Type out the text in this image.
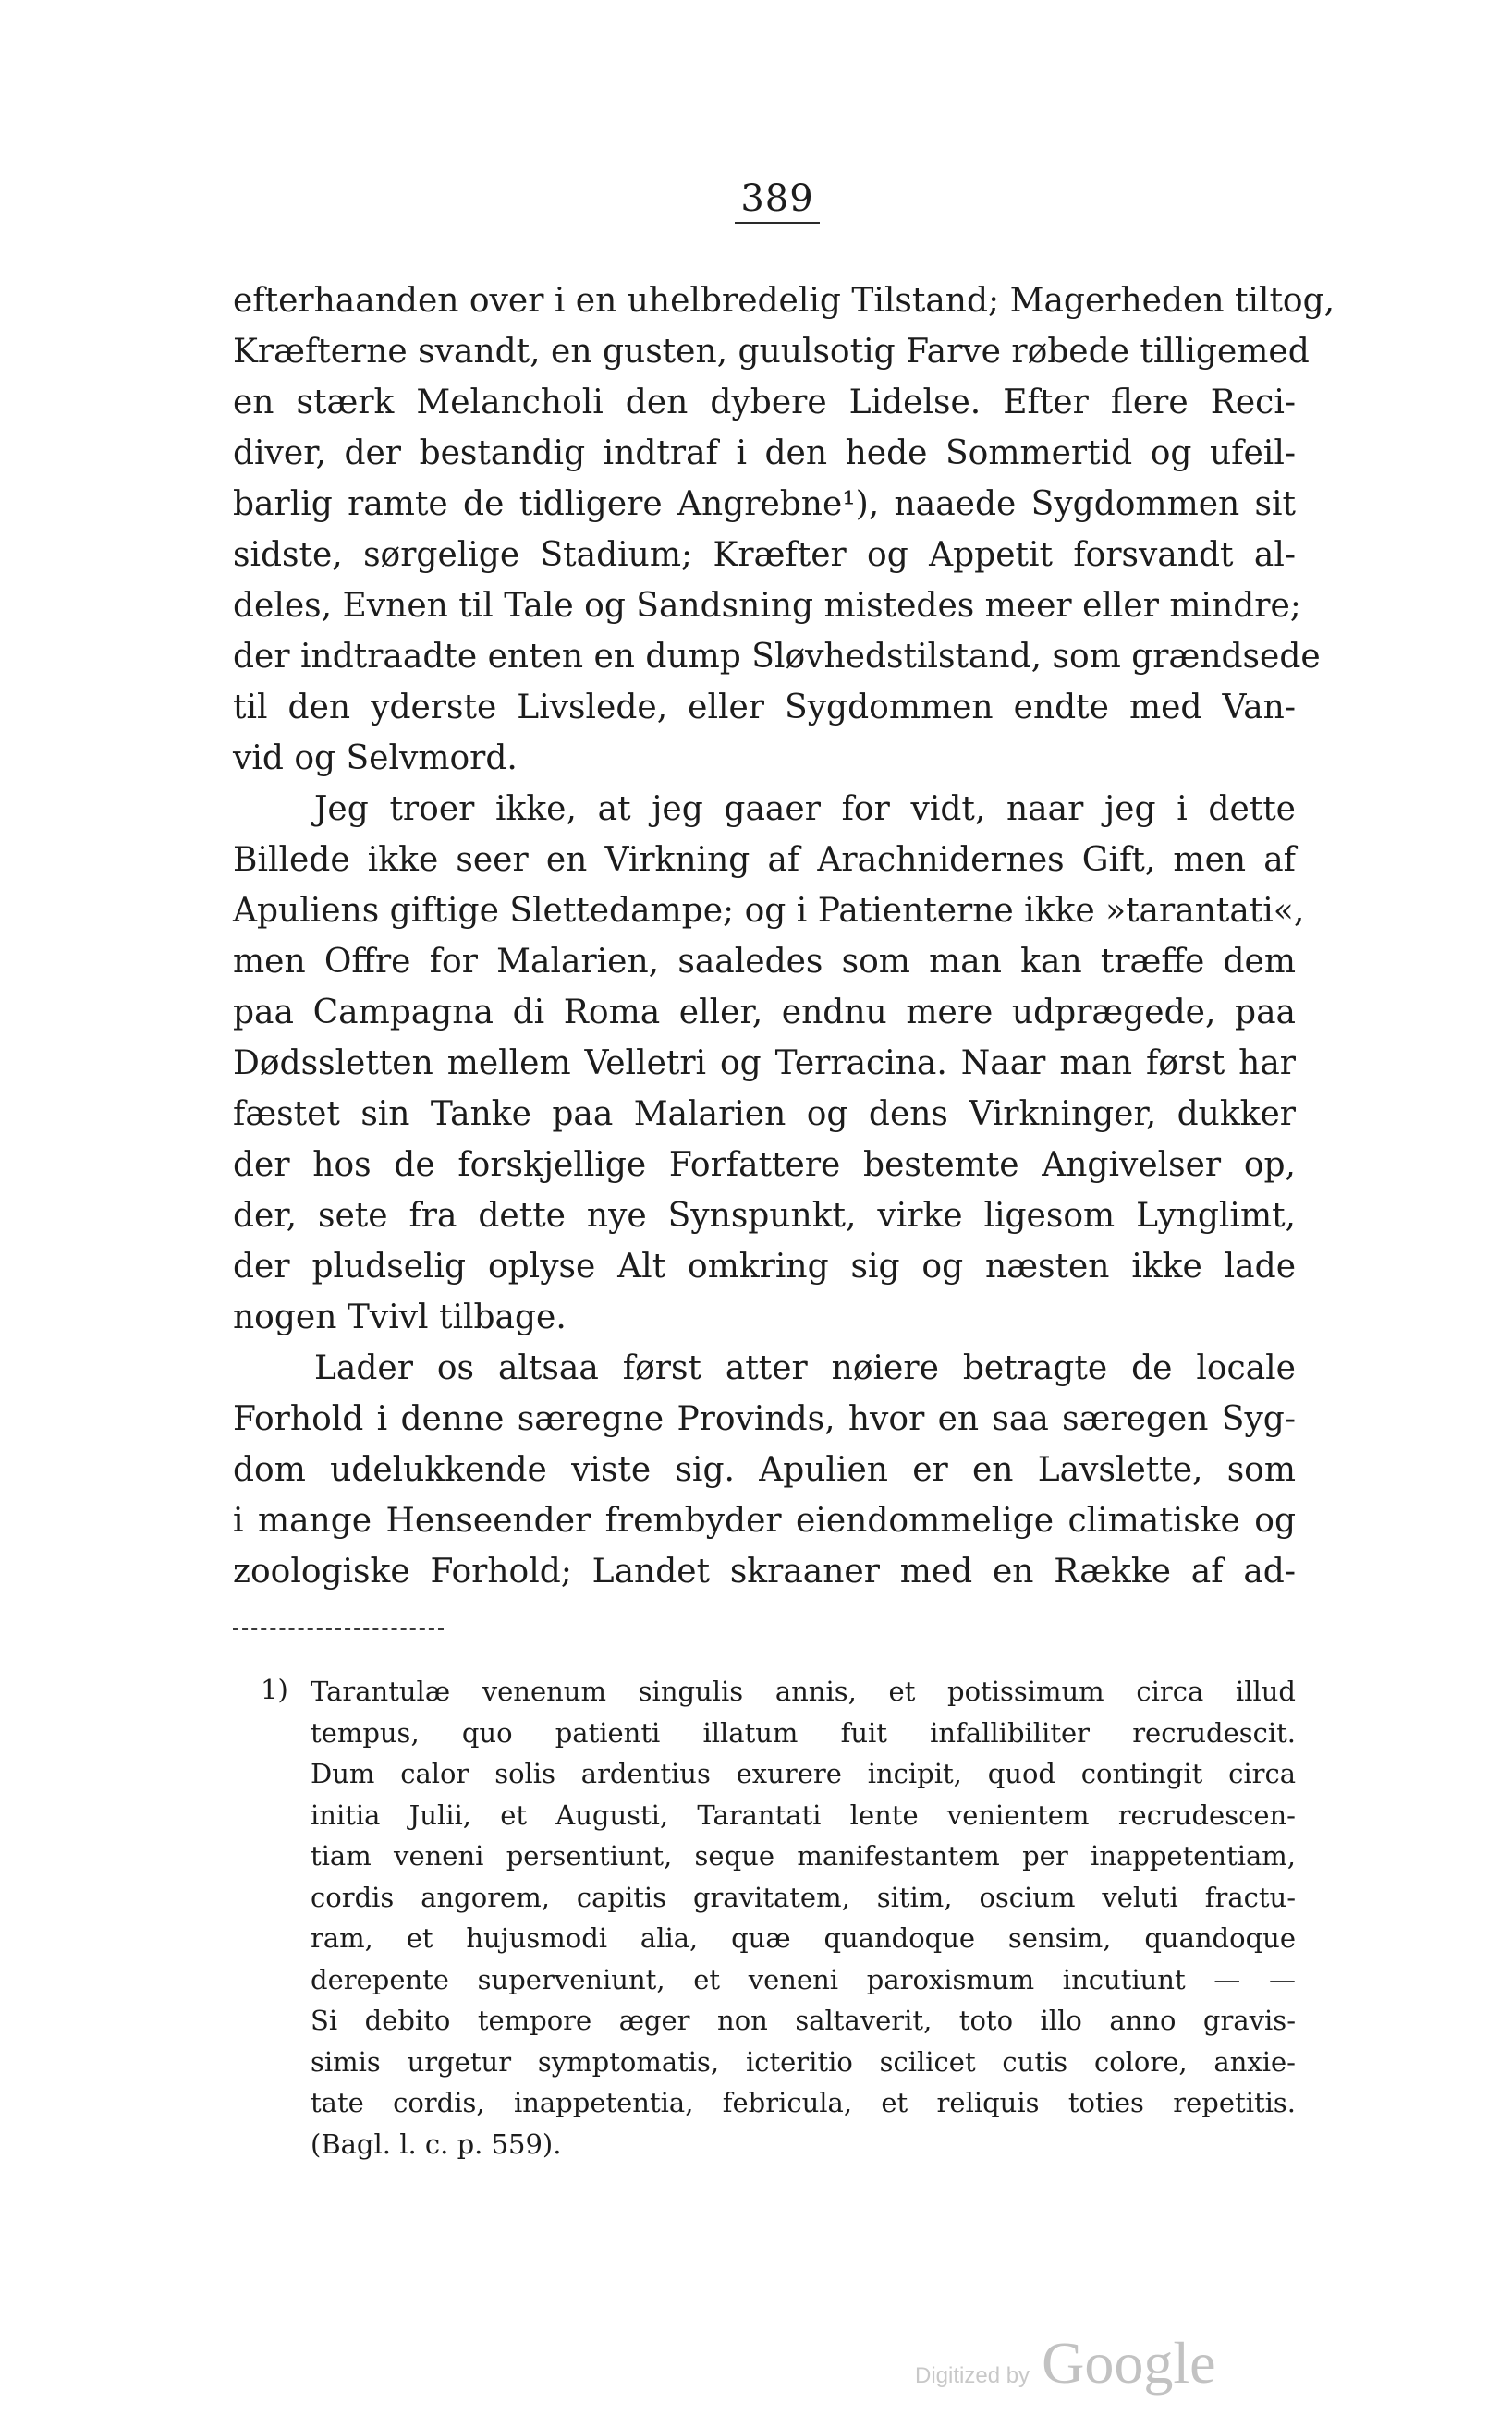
389
efterhaanden over i en uhelbredelig Tilstand; Magerheden tiltog,
Kræfterne svandt, en gusten, guulsotig Farve røbede tilligemed
en stærk Melancholi den dybere Lidelse. Efter flere Reci-
diver, der bestandig indtraf i den hede Sommertid og ufeil-
barlig ramte de tidligere Angrebne¹), naaede Sygdommen sit
sidste, sørgelige Stadium; Kræfter og Appetit forsvandt al-
deles, Evnen til Tale og Sandsning mistedes meer eller mindre;
der indtraadte enten en dump Sløvhedstilstand, som grændsede
til den yderste Livslede, eller Sygdommen endte med Van-
vid og Selvmord.
Jeg troer ikke, at jeg gaaer for vidt, naar jeg i dette
Billede ikke seer en Virkning af Arachnidernes Gift, men af
Apuliens giftige Slettedampe; og i Patienterne ikke »tarantati«,
men Offre for Malarien, saaledes som man kan træffe dem
paa Campagna di Roma eller, endnu mere udprægede, paa
Dødssletten mellem Velletri og Terracina. Naar man først har
fæstet sin Tanke paa Malarien og dens Virkninger, dukker
der hos de forskjellige Forfattere bestemte Angivelser op,
der, sete fra dette nye Synspunkt, virke ligesom Lynglimt,
der pludselig oplyse Alt omkring sig og næsten ikke lade
nogen Tvivl tilbage.
Lader os altsaa først atter nøiere betragte de locale
Forhold i denne særegne Provinds, hvor en saa særegen Syg-
dom udelukkende viste sig. Apulien er en Lavslette, som
i mange Henseender frembyder eiendommelige climatiske og
zoologiske Forhold; Landet skraaner med en Række af ad-
1) Tarantulæ venenum singulis annis, et potissimum circa illud
tempus, quo patienti illatum fuit infallibiliter recrudescit.
Dum calor solis ardentius exurere incipit, quod contingit circa
initia Julii, et Augusti, Tarantati lente venientem recrudescen-
tiam veneni persentiunt, seque manifestantem per inappetentiam,
cordis angorem, capitis gravitatem, sitim, oscium veluti fractu-
ram, et hujusmodi alia, quæ quandoque sensim, quandoque
derepente superveniunt, et veneni paroxismum incutiunt — —
Si debito tempore æger non saltaverit, toto illo anno gravis-
simis urgetur symptomatis, icteritio scilicet cutis colore, anxie-
tate cordis, inappetentia, febricula, et reliquis toties repetitis.
(Bagl. l. c. p. 559).
Digitized by Google
